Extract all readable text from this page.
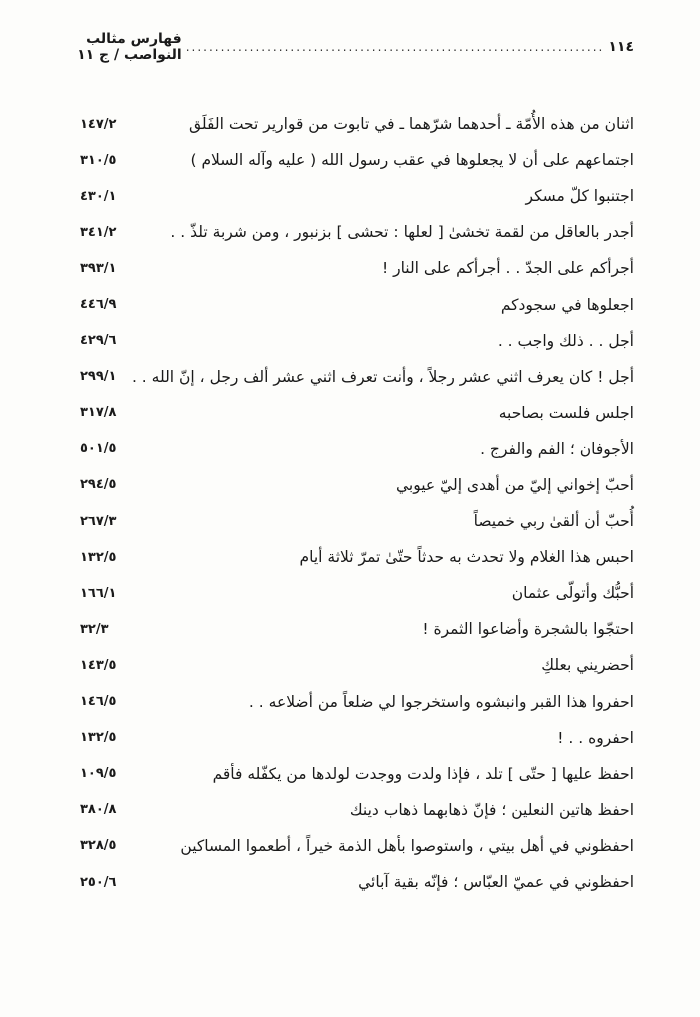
١١٤
........................................................................
فهارس مثالب النواصب / ج ١١
اثنان من هذه الأُمّة ـ أحدهما شرّهما ـ في تابوت من قوارير تحت الفَلَق
١٤٧/٢
اجتماعهم على أن لا يجعلوها في عقب رسول الله ( عليه وآله السلام )
٣١٠/٥
اجتنبوا كلّ مسكر
٤٣٠/١
أجدر بالعاقل من لقمة تخشىٰ [ لعلها : تحشى ] بزنبور ، ومن شربة تلذّ . .
٣٤١/٢
أجرأكم على الجدّ . . أجرأكم على النار !
٣٩٣/١
اجعلوها في سجودكم
٤٤٦/٩
أجل . . ذلك واجب . .
٤٢٩/٦
أجل ! كان يعرف اثني عشر رجلاً ، وأنت تعرف اثني عشر ألف رجل ، إنّ الله . .
٢٩٩/١
اجلس فلست بصاحبه
٣١٧/٨
الأجوفان ؛ الفم والفرج .
٥٠١/٥
أحبّ إخواني إليّ من أهدى إليّ عيوبي
٢٩٤/٥
أُحبّ أن ألقىٰ ربي خميصاً
٢٦٧/٣
احبس هذا الغلام ولا تحدث به حدثاً حتّىٰ تمرّ ثلاثة أيام
١٣٢/٥
أحبُّك وأتولّى عثمان
١٦٦/١
احتجّوا بالشجرة وأضاعوا الثمرة !
٣٢/٣
أحضريني بعلكِ
١٤٣/٥
احفروا هذا القبر وانبشوه واستخرجوا لي ضلعاً من أضلاعه . .
١٤٦/٥
احفروه . . !
١٣٢/٥
احفظ عليها [ حتّى ] تلد ، فإذا ولدت ووجدت لولدها من يكفّله فأقم
١٠٩/٥
احفظ هاتين النعلين ؛ فإنّ ذهابهما ذهاب دينك
٣٨٠/٨
احفظوني في أهل بيتي ، واستوصوا بأهل الذمة خيراً ، أطعموا المساكين
٣٢٨/٥
احفظوني في عميّ العبّاس ؛ فإنّه بقية آبائي
٢٥٠/٦
